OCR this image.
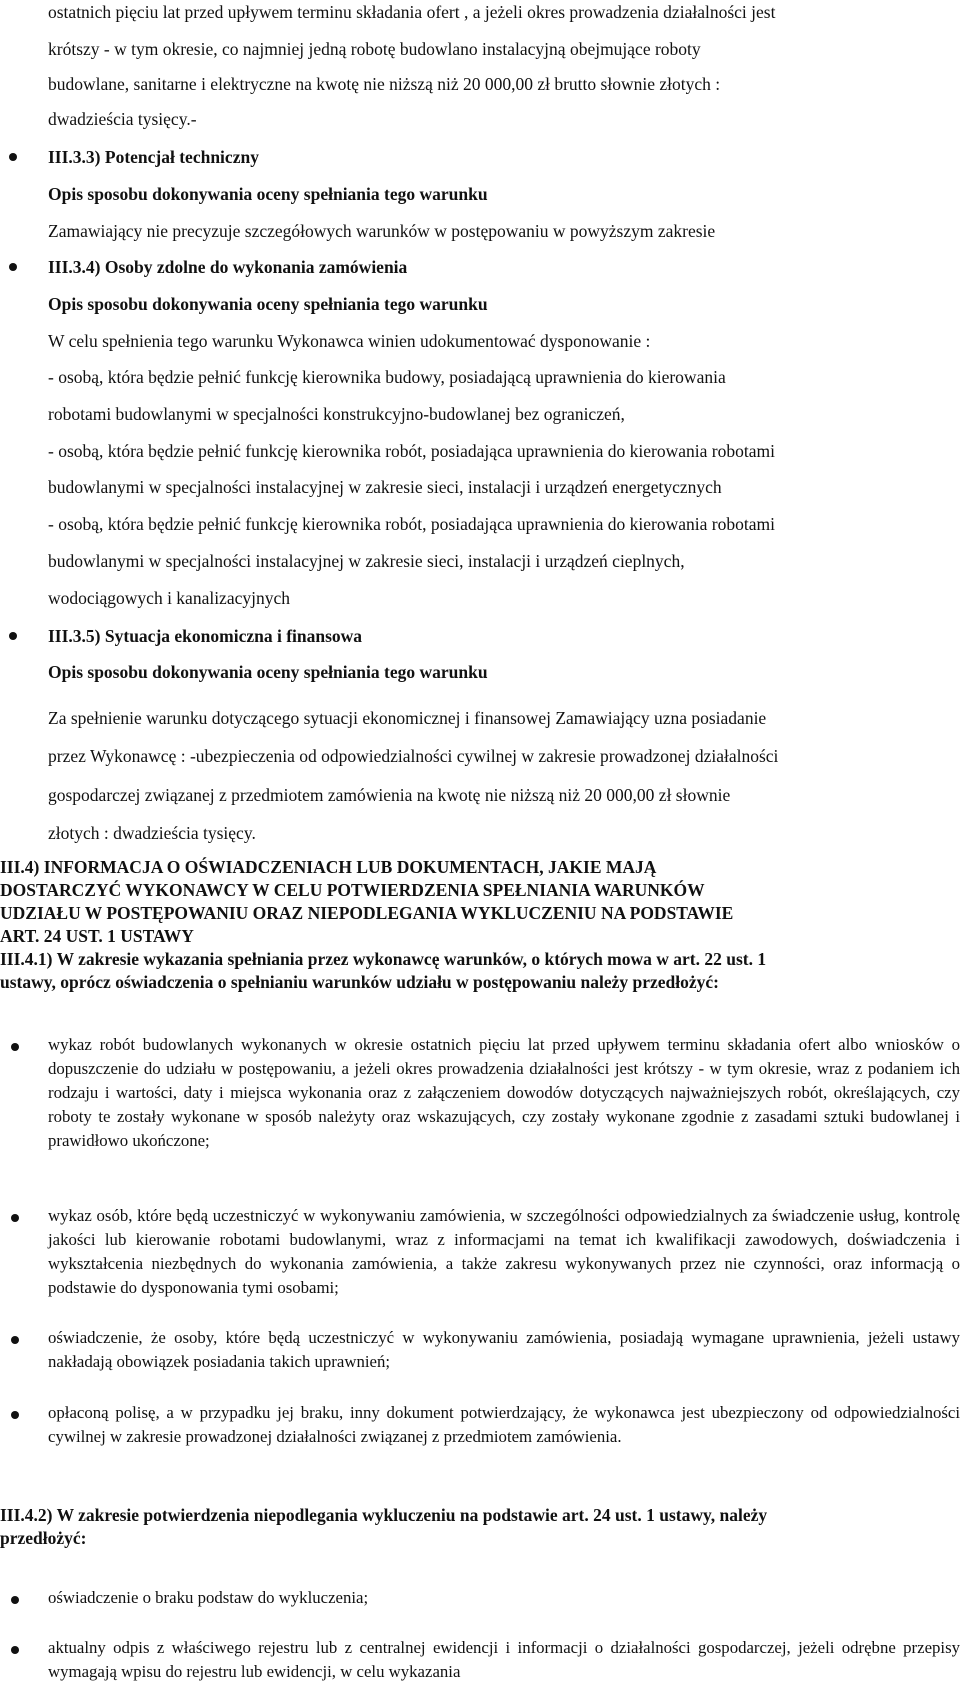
ostatnich pięciu lat przed upływem terminu składania ofert , a jeżeli okres prowadzenia działalności jest
krótszy - w tym okresie, co najmniej jedną robotę budowlano instalacyjną obejmujące roboty
budowlane, sanitarne i elektryczne na kwotę nie niższą niż 20 000,00 zł brutto słownie złotych :
dwadzieścia tysięcy.-
III.3.3) Potencjał techniczny
Opis sposobu dokonywania oceny spełniania tego warunku
Zamawiający nie precyzuje szczegółowych warunków w postępowaniu w powyższym zakresie
III.3.4) Osoby zdolne do wykonania zamówienia
Opis sposobu dokonywania oceny spełniania tego warunku
W celu spełnienia tego warunku Wykonawca winien udokumentować dysponowanie :
- osobą, która będzie pełnić funkcję kierownika budowy, posiadającą uprawnienia do kierowania
robotami budowlanymi w specjalności konstrukcyjno-budowlanej bez ograniczeń,
- osobą, która będzie pełnić funkcję kierownika robót, posiadająca uprawnienia do kierowania robotami
budowlanymi w specjalności instalacyjnej w zakresie sieci, instalacji i urządzeń energetycznych
- osobą, która będzie pełnić funkcję kierownika robót, posiadająca uprawnienia do kierowania robotami
budowlanymi w specjalności instalacyjnej w zakresie sieci, instalacji i urządzeń cieplnych,
wodociągowych i kanalizacyjnych
III.3.5) Sytuacja ekonomiczna i finansowa
Opis sposobu dokonywania oceny spełniania tego warunku
Za spełnienie warunku dotyczącego sytuacji ekonomicznej i finansowej Zamawiający uzna posiadanie
przez Wykonawcę : -ubezpieczenia od odpowiedzialności cywilnej w zakresie prowadzonej działalności
gospodarczej związanej z przedmiotem zamówienia na kwotę nie niższą niż 20 000,00 zł słownie
złotych : dwadzieścia tysięcy.
III.4) INFORMACJA O OŚWIADCZENIACH LUB DOKUMENTACH, JAKIE MAJĄ
DOSTARCZYĆ WYKONAWCY W CELU POTWIERDZENIA SPEŁNIANIA WARUNKÓW
UDZIAŁU W POSTĘPOWANIU ORAZ NIEPODLEGANIA WYKLUCZENIU NA PODSTAWIE
ART. 24 UST. 1 USTAWY
III.4.1) W zakresie wykazania spełniania przez wykonawcę warunków, o których mowa w art. 22 ust. 1
ustawy, oprócz oświadczenia o spełnianiu warunków udziału w postępowaniu należy przedłożyć:
wykaz robót budowlanych wykonanych w okresie ostatnich pięciu lat przed upływem terminu składania ofert albo wniosków o dopuszczenie do udziału w postępowaniu, a jeżeli okres prowadzenia działalności jest krótszy - w tym okresie, wraz z podaniem ich rodzaju i wartości, daty i miejsca wykonania oraz z załączeniem dowodów dotyczących najważniejszych robót, określających, czy roboty te zostały wykonane w sposób należyty oraz wskazujących, czy zostały wykonane zgodnie z zasadami sztuki budowlanej i prawidłowo ukończone;
wykaz osób, które będą uczestniczyć w wykonywaniu zamówienia, w szczególności odpowiedzialnych za świadczenie usług, kontrolę jakości lub kierowanie robotami budowlanymi, wraz z informacjami na temat ich kwalifikacji zawodowych, doświadczenia i wykształcenia niezbędnych do wykonania zamówienia, a także zakresu wykonywanych przez nie czynności, oraz informacją o podstawie do dysponowania tymi osobami;
oświadczenie, że osoby, które będą uczestniczyć w wykonywaniu zamówienia, posiadają wymagane uprawnienia, jeżeli ustawy nakładają obowiązek posiadania takich uprawnień;
opłaconą polisę, a w przypadku jej braku, inny dokument potwierdzający, że wykonawca jest ubezpieczony od odpowiedzialności cywilnej w zakresie prowadzonej działalności związanej z przedmiotem zamówienia.
III.4.2) W zakresie potwierdzenia niepodlegania wykluczeniu na podstawie art. 24 ust. 1 ustawy, należy
przedłożyć:
oświadczenie o braku podstaw do wykluczenia;
aktualny odpis z właściwego rejestru lub z centralnej ewidencji i informacji o działalności gospodarczej, jeżeli odrębne przepisy wymagają wpisu do rejestru lub ewidencji, w celu wykazania
